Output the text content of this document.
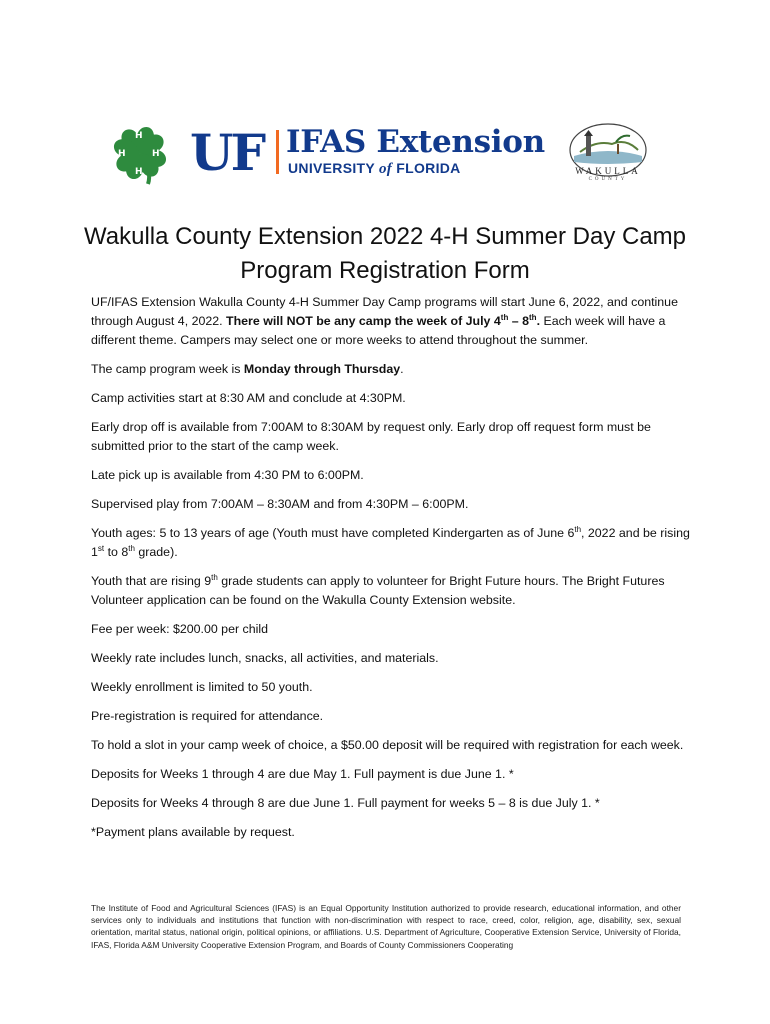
H
H
H
H UF IFAS Extension
UNIVERSITY of FLORIDA	WAKULLA
COUNTY
Wakulla County Extension 2022 4-H Summer Day Camp
Program Registration Form

UF/IFAS Extension Wakulla County 4-H Summer Day Camp programs will start June 6, 2022, and continue through August 4, 2022. There will NOT be any camp the week of July 4th – 8th. Each week will have a different theme. Campers may select one or more weeks to attend throughout the summer.

The camp program week is Monday through Thursday.

Camp activities start at 8:30 AM and conclude at 4:30PM.

Early drop off is available from 7:00AM to 8:30AM by request only. Early drop off request form must be submitted prior to the start of the camp week.

Late pick up is available from 4:30 PM to 6:00PM.

Supervised play from 7:00AM – 8:30AM and from 4:30PM – 6:00PM.

Youth ages: 5 to 13 years of age (Youth must have completed Kindergarten as of June 6th, 2022 and be rising 1st to 8th grade).

Youth that are rising 9th grade students can apply to volunteer for Bright Future hours. The Bright Futures Volunteer application can be found on the Wakulla County Extension website.

Fee per week: $200.00 per child

Weekly rate includes lunch, snacks, all activities, and materials.

Weekly enrollment is limited to 50 youth.

Pre-registration is required for attendance.

To hold a slot in your camp week of choice, a $50.00 deposit will be required with registration for each week.

Deposits for Weeks 1 through 4 are due May 1. Full payment is due June 1. *

Deposits for Weeks 4 through 8 are due June 1. Full payment for weeks 5 – 8 is due July 1. *

*Payment plans available by request.

The Institute of Food and Agricultural Sciences (IFAS) is an Equal Opportunity Institution authorized to provide research, educational information, and other services only to individuals and institutions that function with non-discrimination with respect to race, creed, color, religion, age, disability, sex, sexual orientation, marital status, national origin, political opinions, or affiliations. U.S. Department of Agriculture, Cooperative Extension Service, University of Florida, IFAS, Florida A&M University Cooperative Extension Program, and Boards of County Commissioners Cooperating
